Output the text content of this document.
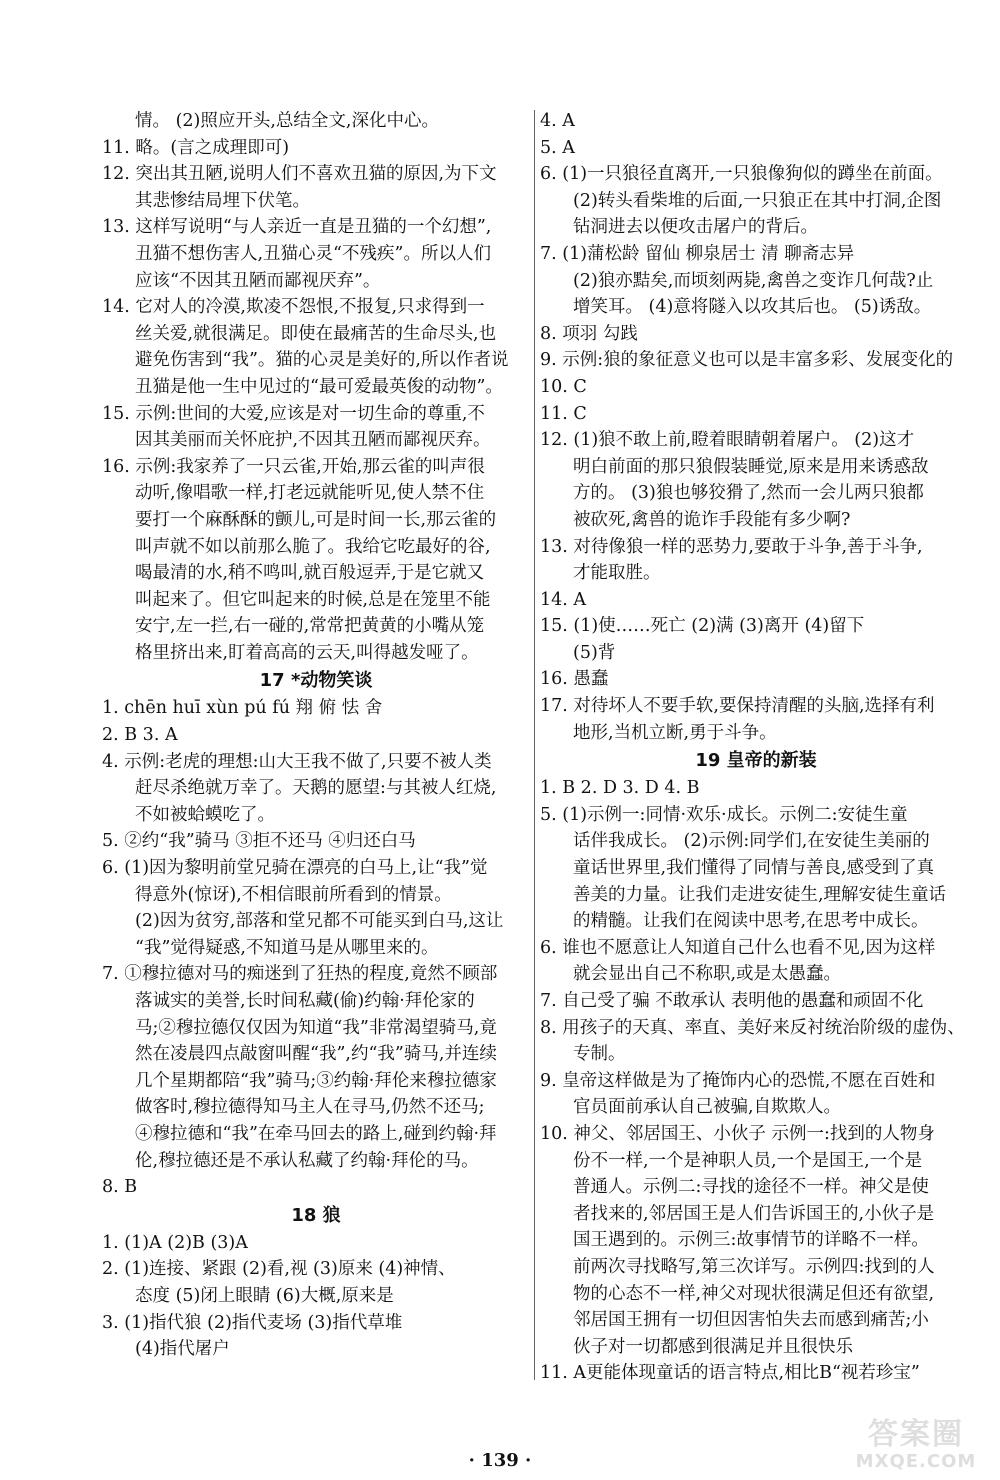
情。 (2)照应开头,总结全文,深化中心。
11. 略。(言之成理即可)
12. 突出其丑陋,说明人们不喜欢丑猫的原因,为下文
其悲惨结局埋下伏笔。
13. 这样写说明“与人亲近一直是丑猫的一个幻想”,
丑猫不想伤害人,丑猫心灵“不残疾”。所以人们
应该“不因其丑陋而鄙视厌弃”。
14. 它对人的冷漠,欺凌不怨恨,不报复,只求得到一
丝关爱,就很满足。即使在最痛苦的生命尽头,也
避免伤害到“我”。猫的心灵是美好的,所以作者说
丑猫是他一生中见过的“最可爱最英俊的动物”。
15. 示例:世间的大爱,应该是对一切生命的尊重,不
因其美丽而关怀庇护,不因其丑陋而鄙视厌弃。
16. 示例:我家养了一只云雀,开始,那云雀的叫声很
动听,像唱歌一样,打老远就能听见,使人禁不住
要打一个麻酥酥的颤儿,可是时间一长,那云雀的
叫声就不如以前那么脆了。我给它吃最好的谷,
喝最清的水,稍不鸣叫,就百般逗弄,于是它就又
叫起来了。但它叫起来的时候,总是在笼里不能
安宁,左一拦,右一碰的,常常把黄黄的小嘴从笼
格里挤出来,盯着高高的云天,叫得越发哑了。
17 *动物笑谈
1. chēn huī xùn pú fú 翔 俯 怯 舍
2. B 3. A
4. 示例:老虎的理想:山大王我不做了,只要不被人类
赶尽杀绝就万幸了。天鹅的愿望:与其被人红烧,
不如被蛤蟆吃了。
5. ②约“我”骑马 ③拒不还马 ④归还白马
6. (1)因为黎明前堂兄骑在漂亮的白马上,让“我”觉
得意外(惊讶),不相信眼前所看到的情景。
(2)因为贫穷,部落和堂兄都不可能买到白马,这让
“我”觉得疑惑,不知道马是从哪里来的。
7. ①穆拉德对马的痴迷到了狂热的程度,竟然不顾部
落诚实的美誉,长时间私藏(偷)约翰·拜伦家的
马;②穆拉德仅仅因为知道“我”非常渴望骑马,竟
然在凌晨四点敲窗叫醒“我”,约“我”骑马,并连续
几个星期都陪“我”骑马;③约翰·拜伦来穆拉德家
做客时,穆拉德得知马主人在寻马,仍然不还马;
④穆拉德和“我”在牵马回去的路上,碰到约翰·拜
伦,穆拉德还是不承认私藏了约翰·拜伦的马。
8. B
18 狼
1. (1)A (2)B (3)A
2. (1)连接、紧跟 (2)看,视 (3)原来 (4)神情、
态度 (5)闭上眼睛 (6)大概,原来是
3. (1)指代狼 (2)指代麦场 (3)指代草堆
(4)指代屠户
4. A
5. A
6. (1)一只狼径直离开,一只狼像狗似的蹲坐在前面。
(2)转头看柴堆的后面,一只狼正在其中打洞,企图
钻洞进去以便攻击屠户的背后。
7. (1)蒲松龄 留仙 柳泉居士 清 聊斋志异
(2)狼亦黠矣,而顷刻两毙,禽兽之变诈几何哉?止
增笑耳。 (4)意将隧入以攻其后也。 (5)诱敌。
8. 项羽 勾践
9. 示例:狼的象征意义也可以是丰富多彩、发展变化的
10. C
11. C
12. (1)狼不敢上前,瞪着眼睛朝着屠户。 (2)这才
明白前面的那只狼假装睡觉,原来是用来诱惑敌
方的。 (3)狼也够狡猾了,然而一会儿两只狼都
被砍死,禽兽的诡诈手段能有多少啊?
13. 对待像狼一样的恶势力,要敢于斗争,善于斗争,
才能取胜。
14. A
15. (1)使……死亡 (2)满 (3)离开 (4)留下
(5)背
16. 愚蠢
17. 对待坏人不要手软,要保持清醒的头脑,选择有利
地形,当机立断,勇于斗争。
19 皇帝的新装
1. B 2. D 3. D 4. B
5. (1)示例一:同情·欢乐·成长。示例二:安徒生童
话伴我成长。 (2)示例:同学们,在安徒生美丽的
童话世界里,我们懂得了同情与善良,感受到了真
善美的力量。让我们走进安徒生,理解安徒生童话
的精髓。让我们在阅读中思考,在思考中成长。
6. 谁也不愿意让人知道自己什么也看不见,因为这样
就会显出自己不称职,或是太愚蠢。
7. 自己受了骗 不敢承认 表明他的愚蠢和顽固不化
8. 用孩子的天真、率直、美好来反衬统治阶级的虚伪、
专制。
9. 皇帝这样做是为了掩饰内心的恐慌,不愿在百姓和
官员面前承认自己被骗,自欺欺人。
10. 神父、邻居国王、小伙子 示例一:找到的人物身
份不一样,一个是神职人员,一个是国王,一个是
普通人。示例二:寻找的途径不一样。神父是使
者找来的,邻居国王是人们告诉国王的,小伙子是
国王遇到的。示例三:故事情节的详略不一样。
前两次寻找略写,第三次详写。示例四:找到的人
物的心态不一样,神父对现状很满足但还有欲望,
邻居国王拥有一切但因害怕失去而感到痛苦;小
伙子对一切都感到很满足并且很快乐
11. A更能体现童话的语言特点,相比B“视若珍宝”
· 139 ·
答案圈
MXQE.COM
